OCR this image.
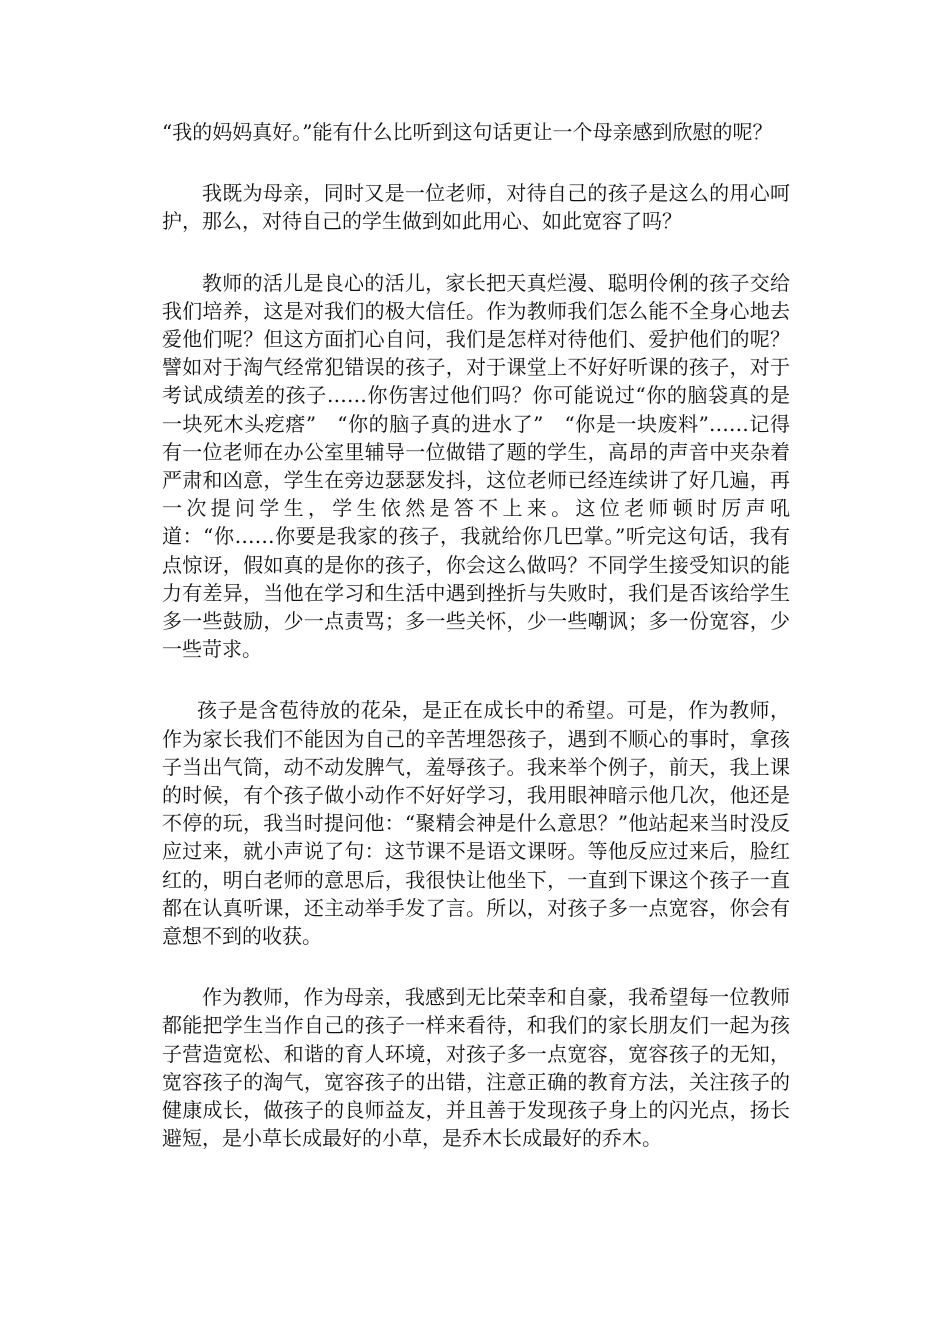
“我的妈妈真好。”能有什么比听到这句话更让一个母亲感到欣慰的呢？

我既为母亲，同时又是一位老师，对待自己的孩子是这么的用心呵护，那么，对待自己的学生做到如此用心、如此宽容了吗？

教师的活儿是良心的活儿，家长把天真烂漫、聪明伶俐的孩子交给我们培养，这是对我们的极大信任。作为教师我们怎么能不全身心地去爱他们呢？但这方面扪心自问，我们是怎样对待他们、爱护他们的呢？譬如对于淘气经常犯错误的孩子，对于课堂上不好好听课的孩子，对于考试成绩差的孩子……你伤害过他们吗？你可能说过“你的脑袋真的是一块死木头疙瘩”　“你的脑子真的进水了”　“你是一块废料”……记得有一位老师在办公室里辅导一位做错了题的学生，高昂的声音中夹杂着严肃和凶意，学生在旁边瑟瑟发抖，这位老师已经连续讲了好几遍，再一次提问学生，学生依然是答不上来。这位老师顿时厉声吼道：“你……你要是我家的孩子，我就给你几巴掌。”听完这句话，我有点惊讶，假如真的是你的孩子，你会这么做吗？不同学生接受知识的能力有差异，当他在学习和生活中遇到挫折与失败时，我们是否该给学生多一些鼓励，少一点责骂；多一些关怀，少一些嘲讽；多一份宽容，少一些苛求。

孩子是含苞待放的花朵，是正在成长中的希望。可是，作为教师，作为家长我们不能因为自己的辛苦埋怨孩子，遇到不顺心的事时，拿孩子当出气筒，动不动发脾气，羞辱孩子。我来举个例子，前天，我上课的时候，有个孩子做小动作不好好学习，我用眼神暗示他几次，他还是不停的玩，我当时提问他：“聚精会神是什么意思？”他站起来当时没反应过来，就小声说了句：这节课不是语文课呀。等他反应过来后，脸红红的，明白老师的意思后，我很快让他坐下，一直到下课这个孩子一直都在认真听课，还主动举手发了言。所以，对孩子多一点宽容，你会有意想不到的收获。

作为教师，作为母亲，我感到无比荣幸和自豪，我希望每一位教师都能把学生当作自己的孩子一样来看待，和我们的家长朋友们一起为孩子营造宽松、和谐的育人环境，对孩子多一点宽容，宽容孩子的无知，宽容孩子的淘气，宽容孩子的出错，注意正确的教育方法，关注孩子的健康成长，做孩子的良师益友，并且善于发现孩子身上的闪光点，扬长避短，是小草长成最好的小草，是乔木长成最好的乔木。
